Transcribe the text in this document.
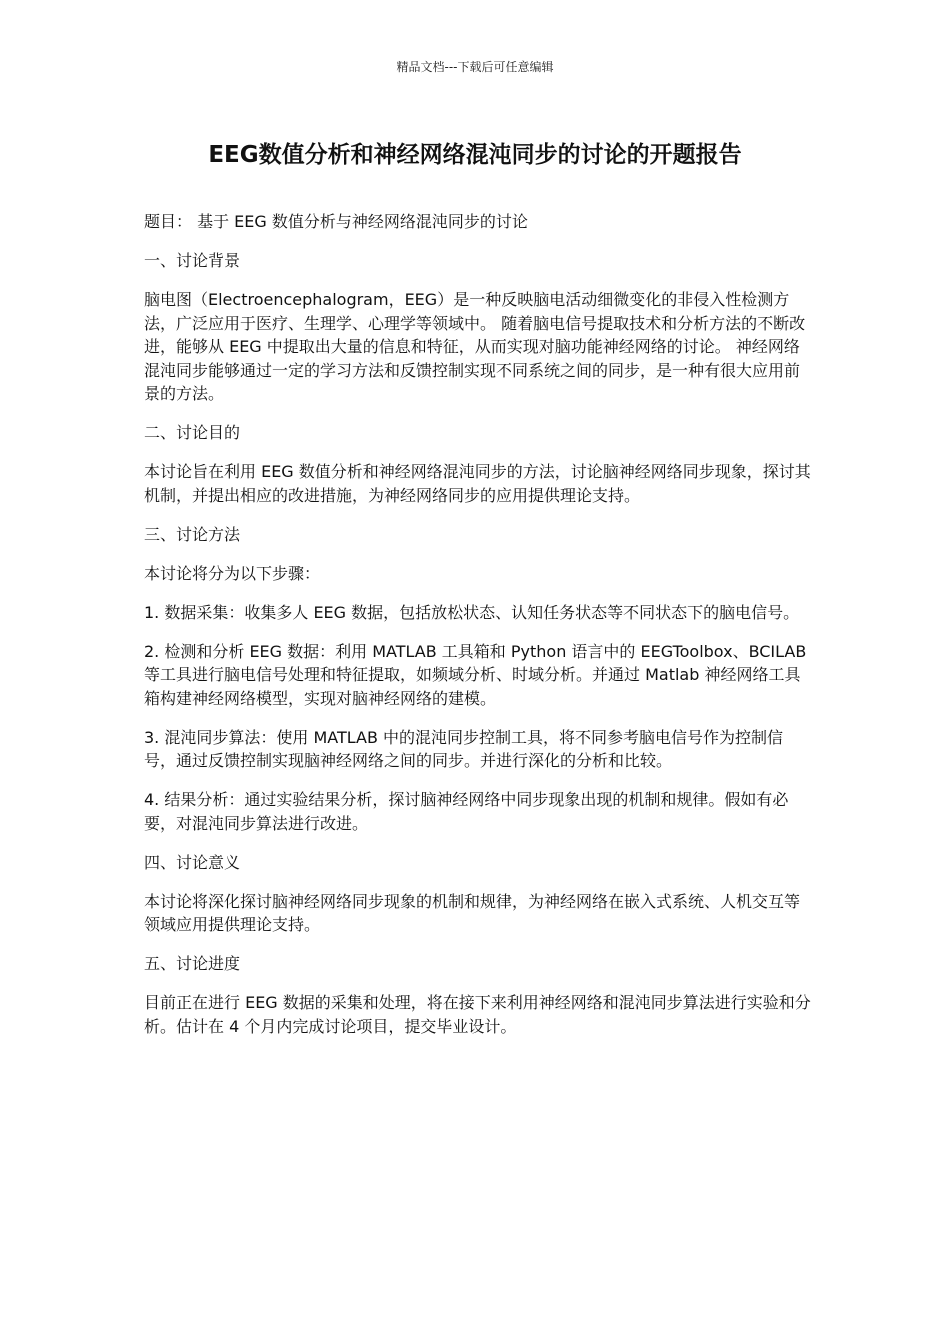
精品文档---下载后可任意编辑
EEG数值分析和神经网络混沌同步的讨论的开题报告

题目： 基于 EEG 数值分析与神经网络混沌同步的讨论

一、讨论背景

脑电图（Electroencephalogram，EEG）是一种反映脑电活动细微变化的非侵入性检测方法，广泛应用于医疗、生理学、心理学等领域中。 随着脑电信号提取技术和分析方法的不断改进，能够从 EEG 中提取出大量的信息和特征，从而实现对脑功能神经网络的讨论。 神经网络混沌同步能够通过一定的学习方法和反馈控制实现不同系统之间的同步，是一种有很大应用前景的方法。

二、讨论目的

本讨论旨在利用 EEG 数值分析和神经网络混沌同步的方法，讨论脑神经网络同步现象，探讨其机制，并提出相应的改进措施，为神经网络同步的应用提供理论支持。

三、讨论方法

本讨论将分为以下步骤：

1. 数据采集：收集多人 EEG 数据，包括放松状态、认知任务状态等不同状态下的脑电信号。

2. 检测和分析 EEG 数据：利用 MATLAB 工具箱和 Python 语言中的 EEGToolbox、BCILAB 等工具进行脑电信号处理和特征提取，如频域分析、时域分析。并通过 Matlab 神经网络工具箱构建神经网络模型，实现对脑神经网络的建模。

3. 混沌同步算法：使用 MATLAB 中的混沌同步控制工具，将不同参考脑电信号作为控制信号，通过反馈控制实现脑神经网络之间的同步。并进行深化的分析和比较。

4. 结果分析：通过实验结果分析，探讨脑神经网络中同步现象出现的机制和规律。假如有必要，对混沌同步算法进行改进。

四、讨论意义

本讨论将深化探讨脑神经网络同步现象的机制和规律，为神经网络在嵌入式系统、人机交互等领域应用提供理论支持。

五、讨论进度

目前正在进行 EEG 数据的采集和处理，将在接下来利用神经网络和混沌同步算法进行实验和分析。估计在 4 个月内完成讨论项目，提交毕业设计。
